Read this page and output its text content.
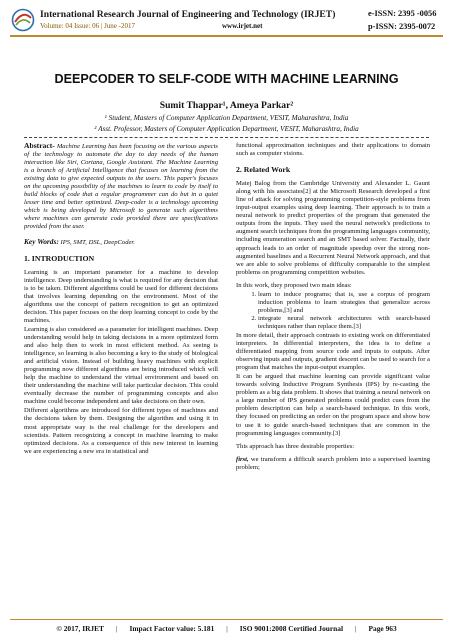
International Research Journal of Engineering and Technology (IRJET)	e-ISSN: 2395 -0056
Volume: 04 Issue: 06 | June -2017	www.irjet.net	p-ISSN: 2395-0072
DEEPCODER TO SELF-CODE WITH MACHINE LEARNING
Sumit Thappar¹, Ameya Parkar²
¹ Student, Masters of Computer Application Department, VESIT, Maharashtra, India
² Asst. Professor, Masters of Computer Application Department, VESIT, Maharashtra, India

Abstract- Machine Learning has been focusing on the various aspects of the technology to automate the day to day needs of the human interaction like Siri, Cortana, Google Assistant. The Machine Learning is a branch of Artificial Intelligence that focuses on learning from the existing data to give expected outputs to the users. This paper's focuses on the upcoming possibility of the machines to learn to code by itself to build blocks of code that a regular programmer can do but in a quiet lesser time and better optimized. Deep-coder is a technology upcoming which is being developed by Microsoft to generate such algorithms where machines can generate code provided there are specifications provided from the user.

Key Words: IPS, SMT, DSL, DeepCoder.

1. INTRODUCTION

Learning is an important parameter for a machine to develop intelligence. Deep understanding is what is required for any decision that is to be taken. Different algorithms could be used for different decisions that involves learning depending on the environment. Most of the algorithms use the concept of pattern recognition to get an optimized decision. This paper focuses on the deep learning concept to code by the machines.

Learning is also considered as a parameter for intelligent machines. Deep understanding would help in taking decisions in a more optimized form and also help then to work in most efficient method. As seeing is intelligence, so learning is also becoming a key to the study of biological and artificial vision. Instead of building heavy machines with explicit programming now different algorithms are being introduced which will help the machine to understand the virtual environment and based on their understanding the machine will take particular decision. This could eventually decrease the number of programming concepts and also machine could become independent and take decisions on their own.

Different algorithms are introduced for different types of machines and the decisions taken by them. Designing the algorithm and using it in most appropriate way is the real challenge for the developers and scientists. Pattern recognizing a concept in machine learning to make optimized decisions. As a consequence of this new interest in learning we are experiencing a new era in statistical and

functional approximation techniques and their applications to domain such as computer visions.

2. Related Work

Matej Balog from the Cambridge University and Alexander L. Gaunt along with his associates[2] at the Microsoft Research developed a first line of attack for solving programming competition-style problems from input-output examples using deep learning. Their approach is to train a neural network to predict properties of the program that generated the outputs from the inputs. They used the neural network's predictions to augment search techniques from the programming languages community, including enumeration search and an SMT based solver. Factually, their approach leads to an order of magnitude speedup over the strong non-augmented baselines and a Recurrent Neural Network approach, and that we are able to solve problems of difficulty comparable to the simplest problems on programming competition websites.

In this work, they proposed two main ideas:

1. learn to induce programs; that is, use a corpus of program induction problems to learn strategies that generalize across problems,[3] and
2. integrate neural network architectures with search-based techniques rather than replace them.[3]

In more detail, their approach contrasts to existing work on differentiated interpreters. In differential interpreters, the idea is to define a differentiated mapping from source code and inputs to outputs. After observing inputs and outputs, gradient descent can be used to search for a program that matches the input-output examples.

It can be argued that machine learning can provide significant value towards solving Inductive Program Synthesis (IPS) by re-casting the problem as a big data problem. It shows that training a neural network on a large number of IPS generated problems could predict cues from the problem description can help a search-based technique. In this work, they focused on predicting an order on the program space and show how to use it to guide search-based techniques that are common in the programming languages community.[3]

This approach has three desirable properties:

first, we transform a difficult search problem into a supervised learning problem;

© 2017, IRJET | Impact Factor value: 5.181 | ISO 9001:2008 Certified Journal | Page 963
